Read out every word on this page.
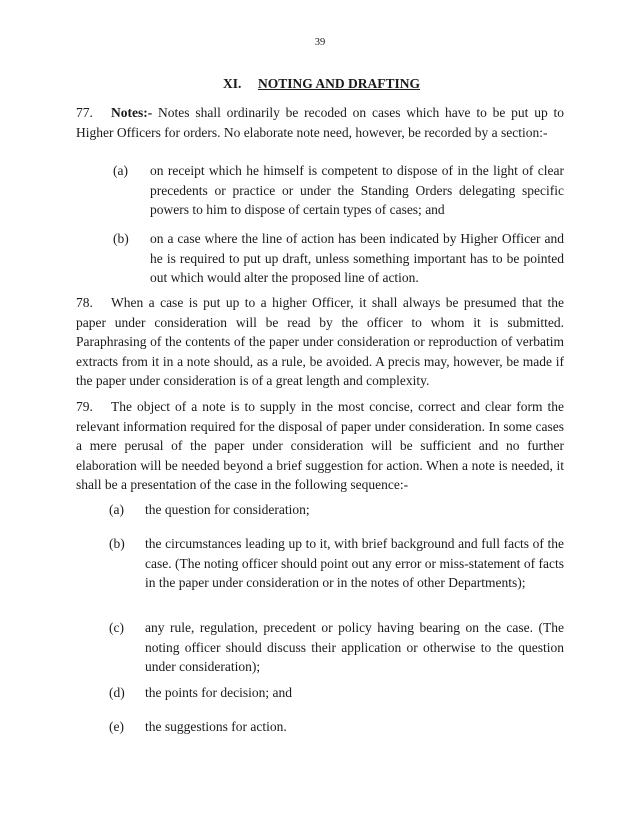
39
XI. NOTING AND DRAFTING

77. Notes:- Notes shall ordinarily be recoded on cases which have to be put up to Higher Officers for orders. No elaborate note need, however, be recorded by a section:-

(a) on receipt which he himself is competent to dispose of in the light of clear precedents or practice or under the Standing Orders delegating specific powers to him to dispose of certain types of cases; and
(b) on a case where the line of action has been indicated by Higher Officer and he is required to put up draft, unless something important has to be pointed out which would alter the proposed line of action.

78. When a case is put up to a higher Officer, it shall always be presumed that the paper under consideration will be read by the officer to whom it is submitted. Paraphrasing of the contents of the paper under consideration or reproduction of verbatim extracts from it in a note should, as a rule, be avoided. A precis may, however, be made if the paper under consideration is of a great length and complexity.

79. The object of a note is to supply in the most concise, correct and clear form the relevant information required for the disposal of paper under consideration. In some cases a mere perusal of the paper under consideration will be sufficient and no further elaboration will be needed beyond a brief suggestion for action. When a note is needed, it shall be a presentation of the case in the following sequence:-

(a) the question for consideration;
(b) the circumstances leading up to it, with brief background and full facts of the case. (The noting officer should point out any error or miss-statement of facts in the paper under consideration or in the notes of other Departments);
(c) any rule, regulation, precedent or policy having bearing on the case. (The noting officer should discuss their application or otherwise to the question under consideration);
(d) the points for decision; and
(e) the suggestions for action.
